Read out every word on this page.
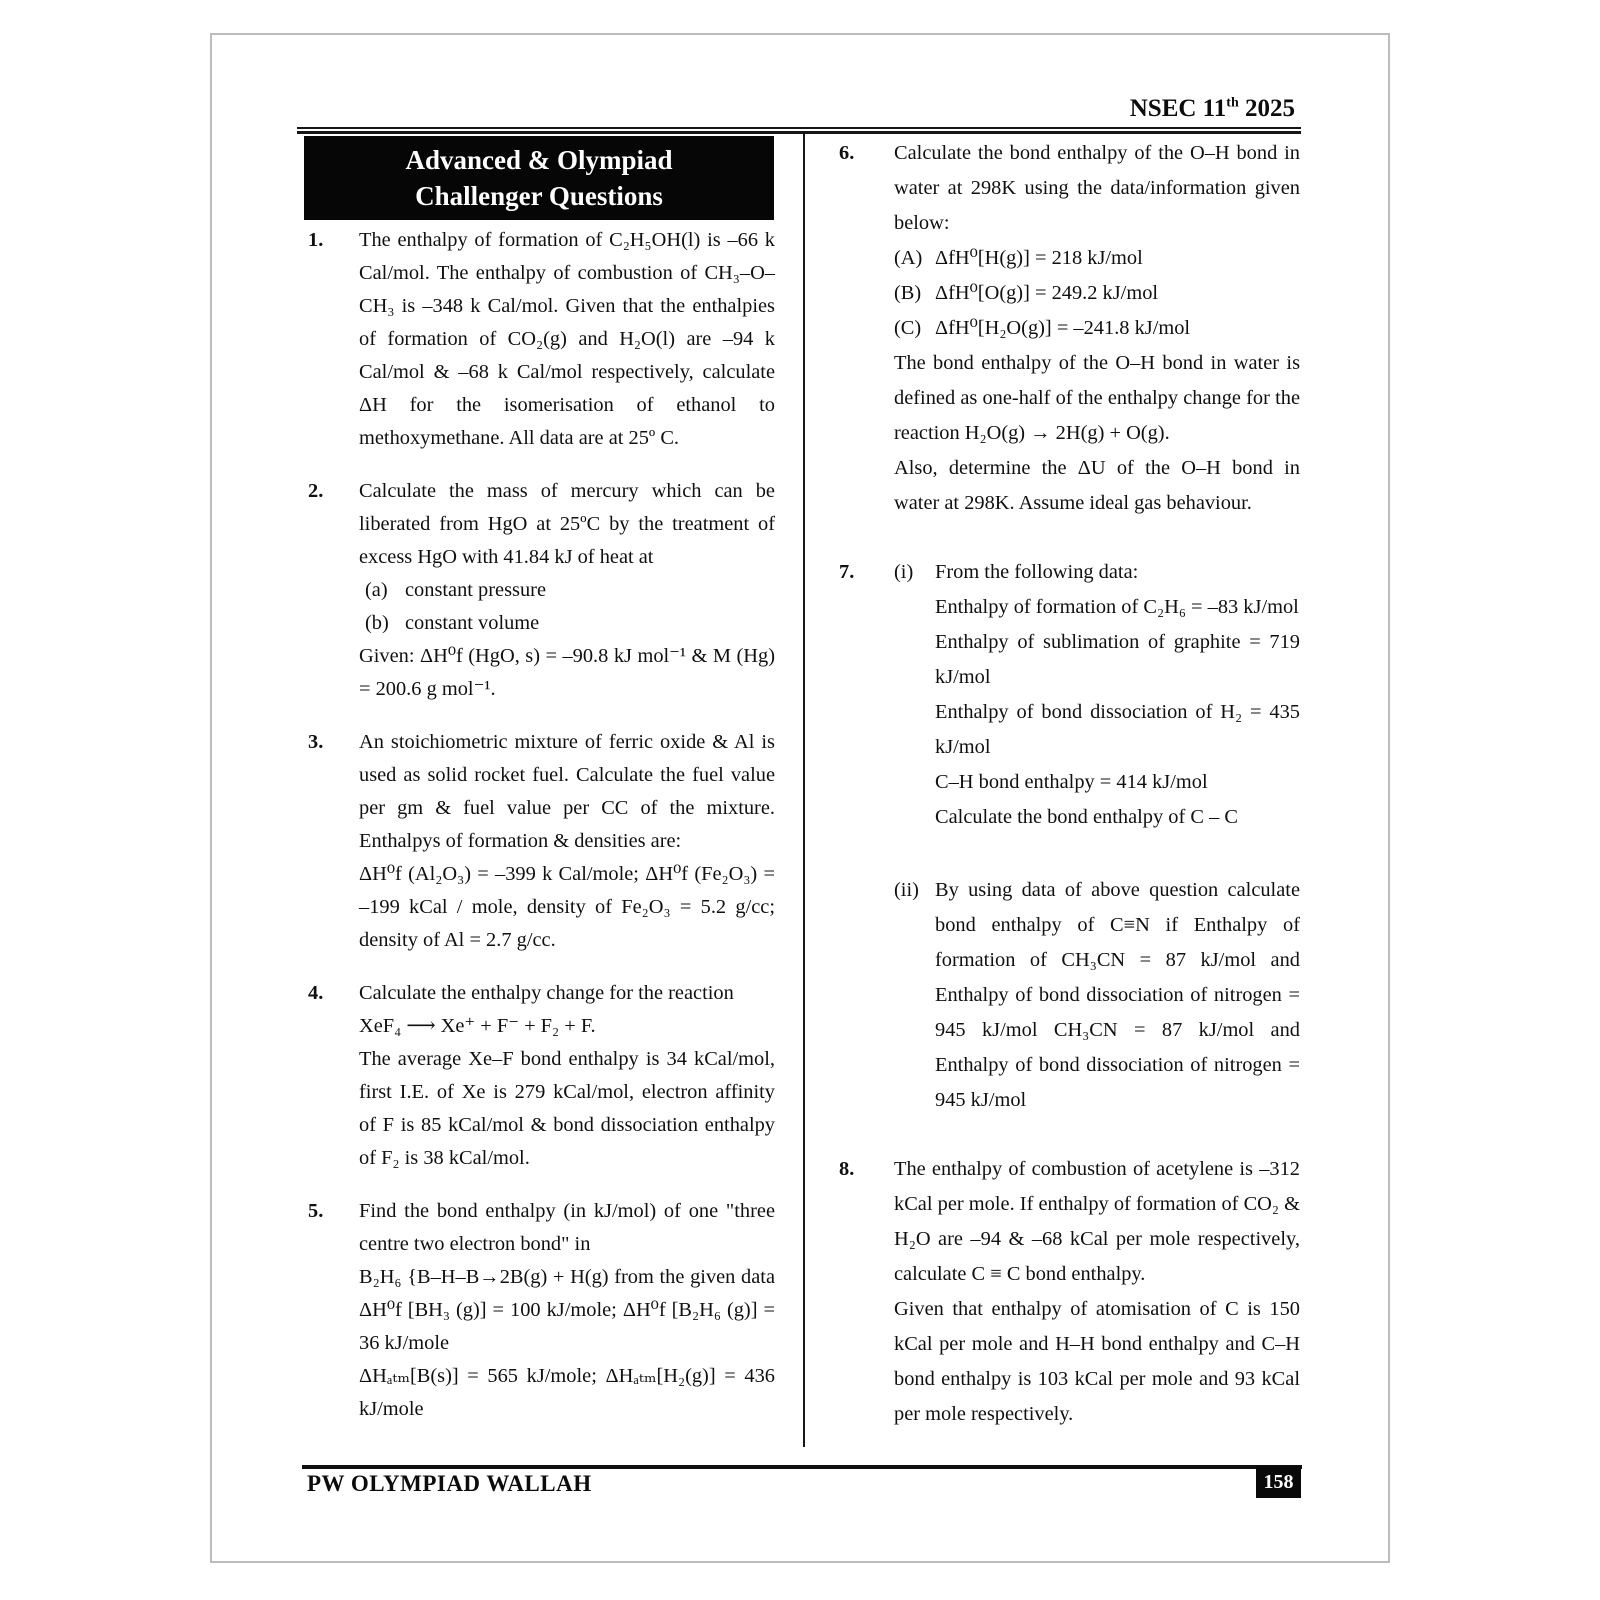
NSEC 11th 2025
Advanced & Olympiad
Challenger Questions
1.	The enthalpy of formation of C₂H₅OH(l) is –66 k Cal/mol. The enthalpy of combustion of CH₃–O–CH₃ is –348 k Cal/mol. Given that the enthalpies of formation of CO₂(g) and H₂O(l) are –94 k Cal/mol & –68 k Cal/mol respectively, calculate ΔH for the isomerisation of ethanol to methoxymethane. All data are at 25º C.
2.	Calculate the mass of mercury which can be liberated from HgO at 25ºC by the treatment of excess HgO with 41.84 kJ of heat at
(a) constant pressure
(b) constant volume
Given: ΔH⁰f (HgO, s) = –90.8 kJ mol⁻¹ & M (Hg) = 200.6 g mol⁻¹.
3.	An stoichiometric mixture of ferric oxide & Al is used as solid rocket fuel. Calculate the fuel value per gm & fuel value per CC of the mixture. Enthalpys of formation & densities are:
ΔH⁰f (Al₂O₃) = –399 k Cal/mole; ΔH⁰f (Fe₂O₃) = –199 kCal / mole, density of Fe₂O₃ = 5.2 g/cc; density of Al = 2.7 g/cc.
4.	Calculate the enthalpy change for the reaction
XeF₄ ⟶ Xe⁺ + F⁻ + F₂ + F.
The average Xe–F bond enthalpy is 34 kCal/mol, first I.E. of Xe is 279 kCal/mol, electron affinity of F is 85 kCal/mol & bond dissociation enthalpy of F₂ is 38 kCal/mol.
5.	Find the bond enthalpy (in kJ/mol) of one "three centre two electron bond" in
B₂H₆ {B–H–B→2B(g) + H(g) from the given data ΔH⁰f [BH₃ (g)] = 100 kJ/mole; ΔH⁰f [B₂H₆ (g)] = 36 kJ/mole
ΔHₐₜₘ[B(s)] = 565 kJ/mole; ΔHₐₜₘ[H₂(g)] = 436 kJ/mole
6.	Calculate the bond enthalpy of the O–H bond in water at 298K using the data/information given below:
(A) ΔfH⁰[H(g)] = 218 kJ/mol
(B) ΔfH⁰[O(g)] = 249.2 kJ/mol
(C) ΔfH⁰[H₂O(g)] = –241.8 kJ/mol
The bond enthalpy of the O–H bond in water is defined as one-half of the enthalpy change for the reaction H₂O(g) → 2H(g) + O(g).
Also, determine the ΔU of the O–H bond in water at 298K. Assume ideal gas behaviour.
7.	(i)	From the following data:
Enthalpy of formation of C₂H₆ = –83 kJ/mol
Enthalpy of sublimation of graphite = 719 kJ/mol
Enthalpy of bond dissociation of H₂ = 435 kJ/mol
C–H bond enthalpy = 414 kJ/mol
Calculate the bond enthalpy of C – C
(ii) By using data of above question calculate bond enthalpy of C≡N if Enthalpy of formation of CH₃CN = 87 kJ/mol and Enthalpy of bond dissociation of nitrogen = 945 kJ/mol CH₃CN = 87 kJ/mol and Enthalpy of bond dissociation of nitrogen = 945 kJ/mol
8.	The enthalpy of combustion of acetylene is –312 kCal per mole. If enthalpy of formation of CO₂ & H₂O are –94 & –68 kCal per mole respectively, calculate C ≡ C bond enthalpy.
Given that enthalpy of atomisation of C is 150 kCal per mole and H–H bond enthalpy and C–H bond enthalpy is 103 kCal per mole and 93 kCal per mole respectively.
PW OLYMPIAD WALLAH	158
